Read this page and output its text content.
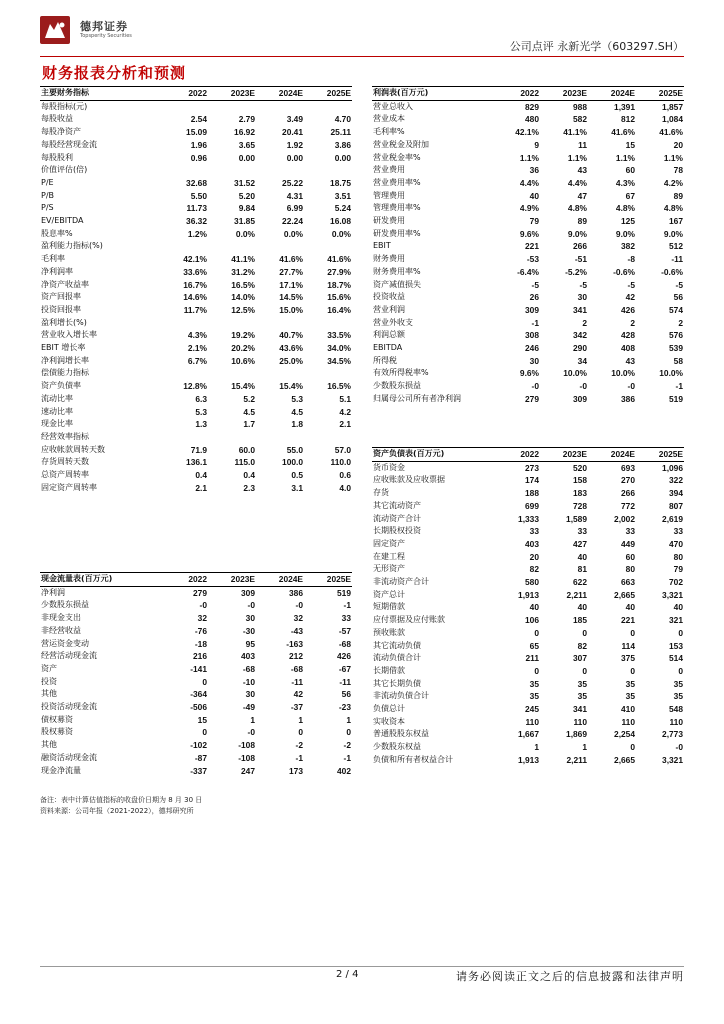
德邦证券
Topsperity Securities
公司点评 永新光学（603297.SH）
财务报表分析和预测
主要财务指标	2022	2023E	2024E	2025E
每股指标(元)				
每股收益	2.54	2.79	3.49	4.70
每股净资产	15.09	16.92	20.41	25.11
每股经营现金流	1.96	3.65	1.92	3.86
每股股利	0.96	0.00	0.00	0.00
价值评估(倍)				
P/E	32.68	31.52	25.22	18.75
P/B	5.50	5.20	4.31	3.51
P/S	11.73	9.84	6.99	5.24
EV/EBITDA	36.32	31.85	22.24	16.08
股息率%	1.2%	0.0%	0.0%	0.0%
盈利能力指标(%)				
毛利率	42.1%	41.1%	41.6%	41.6%
净利润率	33.6%	31.2%	27.7%	27.9%
净资产收益率	16.7%	16.5%	17.1%	18.7%
资产回报率	14.6%	14.0%	14.5%	15.6%
投资回报率	11.7%	12.5%	15.0%	16.4%
盈利增长(%)				
营业收入增长率	4.3%	19.2%	40.7%	33.5%
EBIT 增长率	2.1%	20.2%	43.6%	34.0%
净利润增长率	6.7%	10.6%	25.0%	34.5%
偿债能力指标				
资产负债率	12.8%	15.4%	15.4%	16.5%
流动比率	6.3	5.2	5.3	5.1
速动比率	5.3	4.5	4.5	4.2
现金比率	1.3	1.7	1.8	2.1
经营效率指标				
应收帐款周转天数	71.9	60.0	55.0	57.0
存货周转天数	136.1	115.0	100.0	110.0
总资产周转率	0.4	0.4	0.5	0.6
固定资产周转率	2.1	2.3	3.1	4.0
利润表(百万元)	2022	2023E	2024E	2025E
营业总收入	829	988	1,391	1,857
营业成本	480	582	812	1,084
毛利率%	42.1%	41.1%	41.6%	41.6%
营业税金及附加	9	11	15	20
营业税金率%	1.1%	1.1%	1.1%	1.1%
营业费用	36	43	60	78
营业费用率%	4.4%	4.4%	4.3%	4.2%
管理费用	40	47	67	89
管理费用率%	4.9%	4.8%	4.8%	4.8%
研发费用	79	89	125	167
研发费用率%	9.6%	9.0%	9.0%	9.0%
EBIT	221	266	382	512
财务费用	-53	-51	-8	-11
财务费用率%	-6.4%	-5.2%	-0.6%	-0.6%
资产减值损失	-5	-5	-5	-5
投资收益	26	30	42	56
营业利润	309	341	426	574
营业外收支	-1	2	2	2
利润总额	308	342	428	576
EBITDA	246	290	408	539
所得税	30	34	43	58
有效所得税率%	9.6%	10.0%	10.0%	10.0%
少数股东损益	-0	-0	-0	-1
归属母公司所有者净利润	279	309	386	519
资产负债表(百万元)	2022	2023E	2024E	2025E
货币资金	273	520	693	1,096
应收账款及应收票据	174	158	270	322
存货	188	183	266	394
其它流动资产	699	728	772	807
流动资产合计	1,333	1,589	2,002	2,619
长期股权投资	33	33	33	33
固定资产	403	427	449	470
在建工程	20	40	60	80
无形资产	82	81	80	79
非流动资产合计	580	622	663	702
资产总计	1,913	2,211	2,665	3,321
短期借款	40	40	40	40
应付票据及应付账款	106	185	221	321
预收账款	0	0	0	0
其它流动负债	65	82	114	153
流动负债合计	211	307	375	514
长期借款	0	0	0	0
其它长期负债	35	35	35	35
非流动负债合计	35	35	35	35
负债总计	245	341	410	548
实收资本	110	110	110	110
普通股股东权益	1,667	1,869	2,254	2,773
少数股东权益	1	1	0	-0
负债和所有者权益合计	1,913	2,211	2,665	3,321
现金流量表(百万元)	2022	2023E	2024E	2025E
净利润	279	309	386	519
少数股东损益	-0	-0	-0	-1
非现金支出	32	30	32	33
非经营收益	-76	-30	-43	-57
营运资金变动	-18	95	-163	-68
经营活动现金流	216	403	212	426
资产	-141	-68	-68	-67
投资	0	-10	-11	-11
其他	-364	30	42	56
投资活动现金流	-506	-49	-37	-23
债权募资	15	1	1	1
股权募资	0	-0	0	0
其他	-102	-108	-2	-2
融资活动现金流	-87	-108	-1	-1
现金净流量	-337	247	173	402
备注：表中计算估值指标的收盘价日期为 8 月 30 日
资料来源：公司年报（2021-2022），德邦研究所
2 / 4	请务必阅读正文之后的信息披露和法律声明
